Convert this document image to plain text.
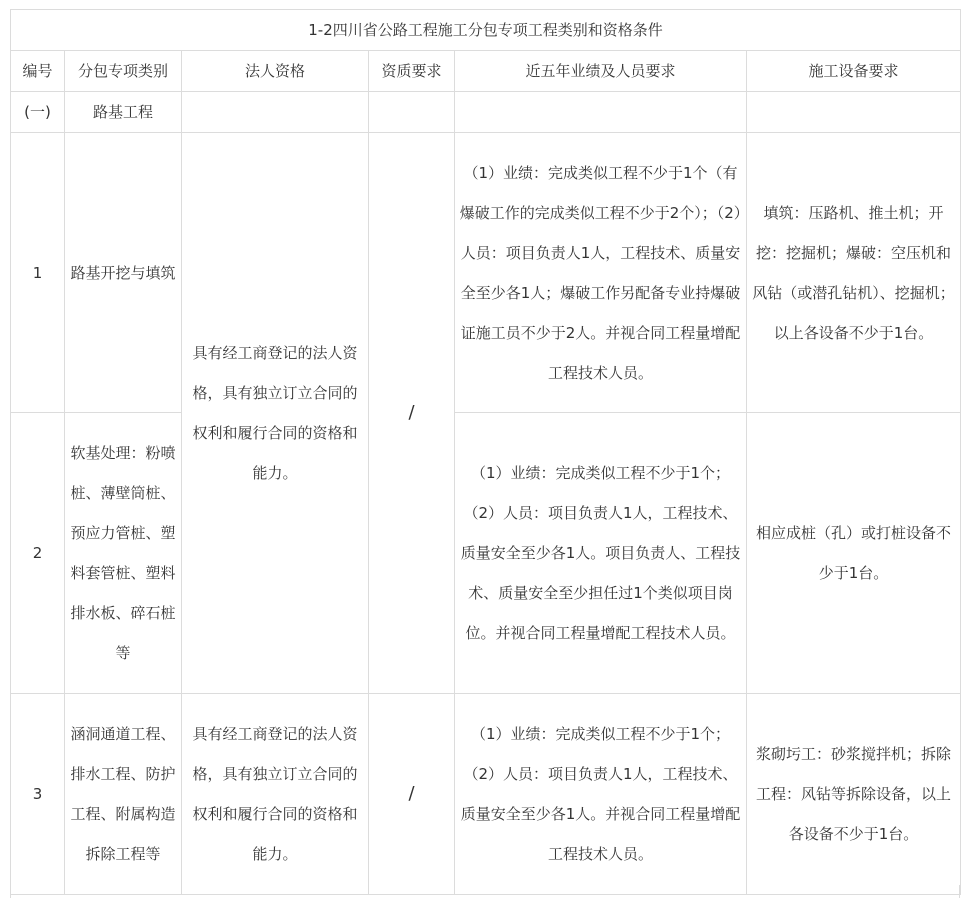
1-2四川省公路工程施工分包专项工程类别和资格条件					

编号	分包专项类别	法人资格	资质要求	近五年业绩及人员要求	施工设备要求
(一)	路基工程				
1	路基开挖与填筑	具有经工商登记的法人资格，具有独立订立合同的权利和履行合同的资格和能力。	/	（1）业绩：完成类似工程不少于1个（有爆破工作的完成类似工程不少于2个）；（2）人员：项目负责人1人，工程技术、质量安全至少各1人；爆破工作另配备专业持爆破证施工员不少于2人。并视合同工程量增配工程技术人员。	填筑：压路机、推土机；开挖：挖掘机；爆破：空压机和风钻（或潜孔钻机）、挖掘机；以上各设备不少于1台。

2	软基处理：粉喷桩、薄壁筒桩、预应力管桩、塑料套管桩、塑料排水板、碎石桩等			（1）业绩：完成类似工程不少于1个；（2）人员：项目负责人1人，工程技术、质量安全至少各1人。项目负责人、工程技术、质量安全至少担任过1个类似项目岗位。并视合同工程量增配工程技术人员。	相应成桩（孔）或打桩设备不少于1台。

3	涵洞通道工程、排水工程、防护工程、附属构造拆除工程等	具有经工商登记的法人资格，具有独立订立合同的权利和履行合同的资格和能力。	/	（1）业绩：完成类似工程不少于1个；（2）人员：项目负责人1人，工程技术、质量安全至少各1人。并视合同工程量增配工程技术人员。	浆砌圬工：砂浆搅拌机；拆除工程：风钻等拆除设备，以上各设备不少于1台。
